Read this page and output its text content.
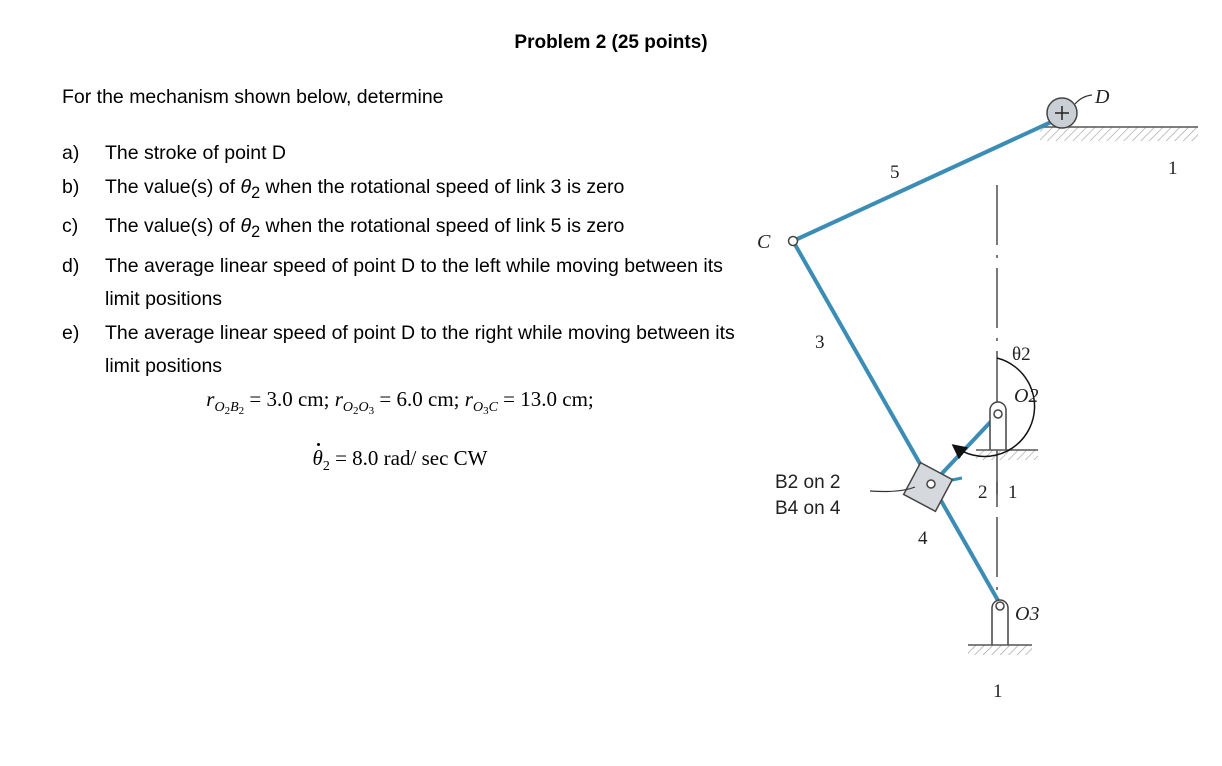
Problem 2 (25 points)
For the mechanism shown below, determine
a)	The stroke of point D
b)	The value(s) of $\theta_2$ when the rotational speed of link 3 is zero
c)	The value(s) of $\theta_2$ when the rotational speed of link 5 is zero
d)	The average linear speed of point D to the left while moving between its limit positions
e)	The average linear speed of point D to the right while moving between its limit positions
$r_{O_2B_2} = 3.0$ cm; $r_{O_2O_3} = 6.0$ cm; $r_{O_3C} = 13.0$ cm;
$\theta_2 = 8.0$ rad/ sec CW
D
1
5
C
3
θ2
O2
B2 on 2
B4 on 4
2 1
4
O3
1
